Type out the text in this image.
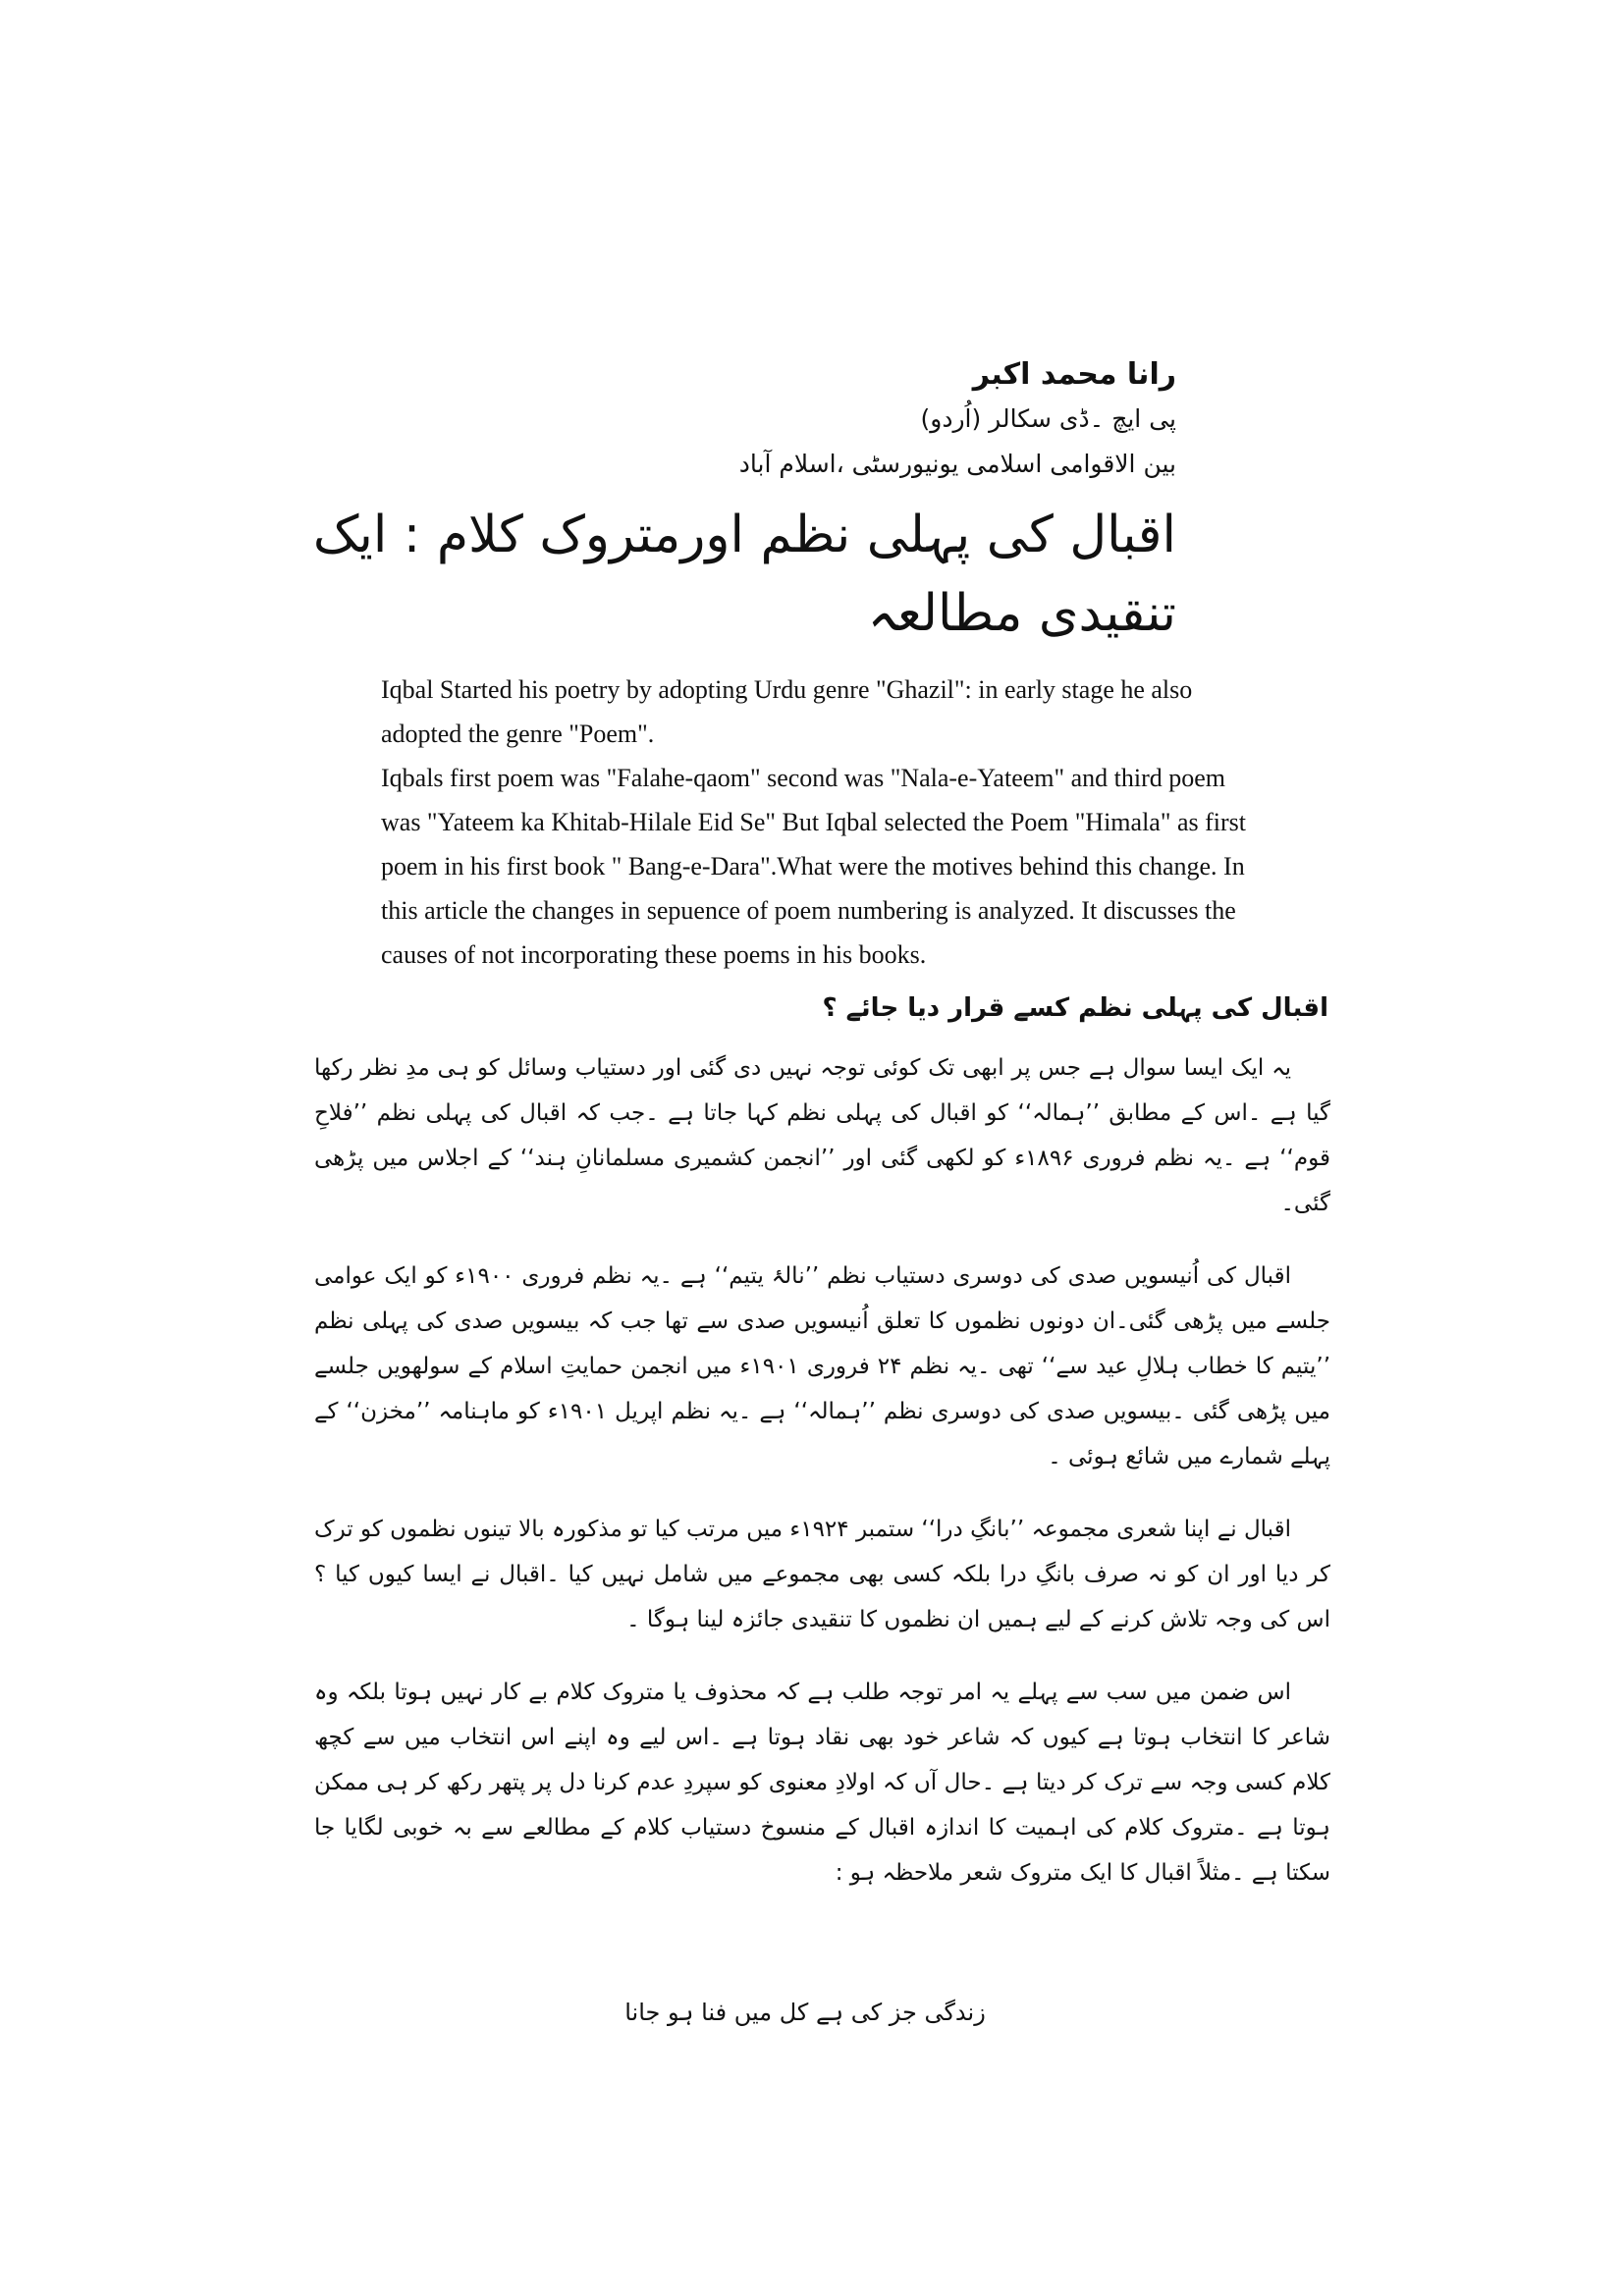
رانا محمد اکبر
پی ایچ ۔ڈی سکالر (اُردو)
بین الاقوامی اسلامی یونیورسٹی ،اسلام آباد
اقبال کی پہلی نظم اورمتروک کلام : ایک تنقیدی مطالعہ

Iqbal Started his poetry by adopting Urdu genre "Ghazil": in early stage he also adopted the genre "Poem".

Iqbals first poem was "Falahe-qaom" second was "Nala-e-Yateem" and third poem was "Yateem ka Khitab-Hilale Eid Se" But Iqbal selected the Poem "Himala" as first poem in his first book " Bang-e-Dara".What were the motives behind this change. In this article the changes in sepuence of poem numbering is analyzed. It discusses the causes of not incorporating these poems in his books.

اقبال کی پہلی نظم کسے قرار دیا جائے ؟

یہ ایک ایسا سوال ہے جس پر ابھی تک کوئی توجہ نہیں دی گئی اور دستیاب وسائل کو ہی مدِ نظر رکھا گیا ہے ۔اس کے مطابق ’’ہمالہ‘‘ کو اقبال کی پہلی نظم کہا جاتا ہے ۔جب کہ اقبال کی پہلی نظم ’’فلاحِ قوم‘‘ ہے ۔یہ نظم فروری ۱۸۹۶ء کو لکھی گئی اور ’’انجمن کشمیری مسلمانانِ ہند‘‘ کے اجلاس میں پڑھی گئی۔

اقبال کی اُنیسویں صدی کی دوسری دستیاب نظم ’’نالۂ یتیم‘‘ ہے ۔یہ نظم فروری ۱۹۰۰ء کو ایک عوامی جلسے میں پڑھی گئی۔ان دونوں نظموں کا تعلق اُنیسویں صدی سے تھا جب کہ بیسویں صدی کی پہلی نظم ’’یتیم کا خطاب ہلالِ عید سے‘‘ تھی ۔یہ نظم ۲۴ فروری ۱۹۰۱ء میں انجمن حمایتِ اسلام کے سولھویں جلسے میں پڑھی گئی ۔بیسویں صدی کی دوسری نظم ’’ہمالہ‘‘ ہے ۔یہ نظم اپریل ۱۹۰۱ء کو ماہنامہ ’’مخزن‘‘ کے پہلے شمارے میں شائع ہوئی ۔

اقبال نے اپنا شعری مجموعہ ’’بانگِ درا‘‘ ستمبر ۱۹۲۴ء میں مرتب کیا تو مذکورہ بالا تینوں نظموں کو ترک کر دیا اور ان کو نہ صرف بانگِ درا بلکہ کسی بھی مجموعے میں شامل نہیں کیا ۔اقبال نے ایسا کیوں کیا ؟ اس کی وجہ تلاش کرنے کے لیے ہمیں ان نظموں کا تنقیدی جائزہ لینا ہوگا ۔

اس ضمن میں سب سے پہلے یہ امر توجہ طلب ہے کہ محذوف یا متروک کلام بے کار نہیں ہوتا بلکہ وہ شاعر کا انتخاب ہوتا ہے کیوں کہ شاعر خود بھی نقاد ہوتا ہے ۔اس لیے وہ اپنے اس انتخاب میں سے کچھ کلام کسی وجہ سے ترک کر دیتا ہے ۔حال آں کہ اولادِ معنوی کو سپردِ عدم کرنا دل پر پتھر رکھ کر ہی ممکن ہوتا ہے ۔متروک کلام کی اہمیت کا اندازہ اقبال کے منسوخ دستیاب کلام کے مطالعے سے بہ خوبی لگایا جا سکتا ہے ۔مثلاً اقبال کا ایک متروک شعر ملاحظہ ہو :

زندگی جز کی ہے کل میں فنا ہو جانا
